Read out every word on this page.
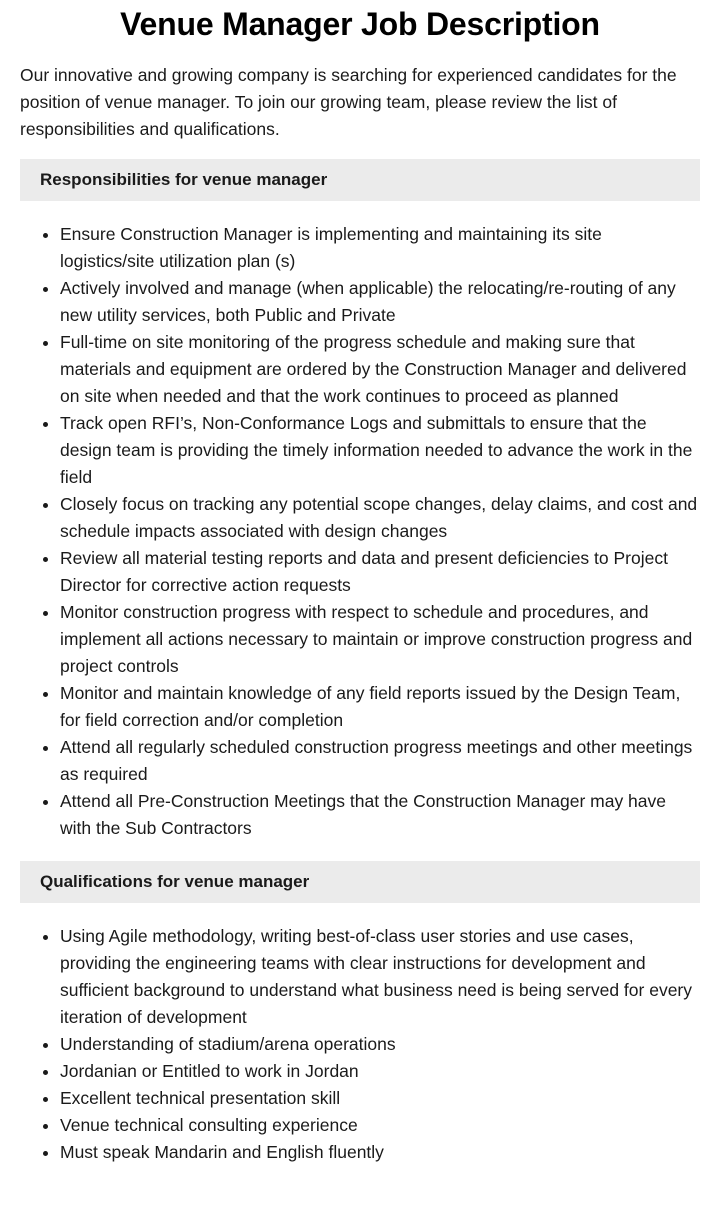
Venue Manager Job Description

Our innovative and growing company is searching for experienced candidates for the position of venue manager. To join our growing team, please review the list of responsibilities and qualifications.

Responsibilities for venue manager
Ensure Construction Manager is implementing and maintaining its site logistics/site utilization plan (s)
Actively involved and manage (when applicable) the relocating/re-routing of any new utility services, both Public and Private
Full-time on site monitoring of the progress schedule and making sure that materials and equipment are ordered by the Construction Manager and delivered on site when needed and that the work continues to proceed as planned
Track open RFI’s, Non-Conformance Logs and submittals to ensure that the design team is providing the timely information needed to advance the work in the field
Closely focus on tracking any potential scope changes, delay claims, and cost and schedule impacts associated with design changes
Review all material testing reports and data and present deficiencies to Project Director for corrective action requests
Monitor construction progress with respect to schedule and procedures, and implement all actions necessary to maintain or improve construction progress and project controls
Monitor and maintain knowledge of any field reports issued by the Design Team, for field correction and/or completion
Attend all regularly scheduled construction progress meetings and other meetings as required
Attend all Pre-Construction Meetings that the Construction Manager may have with the Sub Contractors
Qualifications for venue manager
Using Agile methodology, writing best-of-class user stories and use cases, providing the engineering teams with clear instructions for development and sufficient background to understand what business need is being served for every iteration of development
Understanding of stadium/arena operations
Jordanian or Entitled to work in Jordan
Excellent technical presentation skill
Venue technical consulting experience
Must speak Mandarin and English fluently
